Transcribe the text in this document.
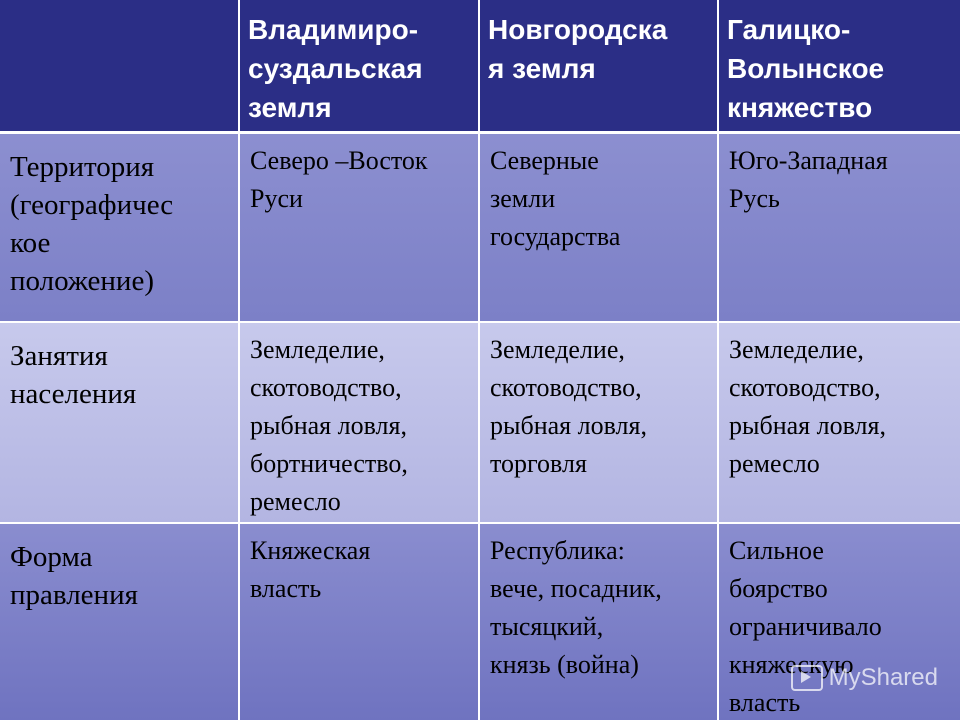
Владимиро-
суздальская
земля
Новгородска
я земля
Галицко-
Волынское
княжество
Территория
(географичес
кое
положение)
Северо –Восток
Руси
Северные
земли
государства
Юго-Западная
Русь
Занятия
населения
Земледелие,
скотоводство,
рыбная ловля,
бортничество,
ремесло
Земледелие,
скотоводство,
рыбная ловля,
торговля
Земледелие,
скотоводство,
рыбная ловля,
ремесло
Форма
правления
Княжеская
власть
Республика:
вече, посадник,
тысяцкий,
князь (война)
Сильное
боярство
ограничивало
княжескую
власть
MyShared
